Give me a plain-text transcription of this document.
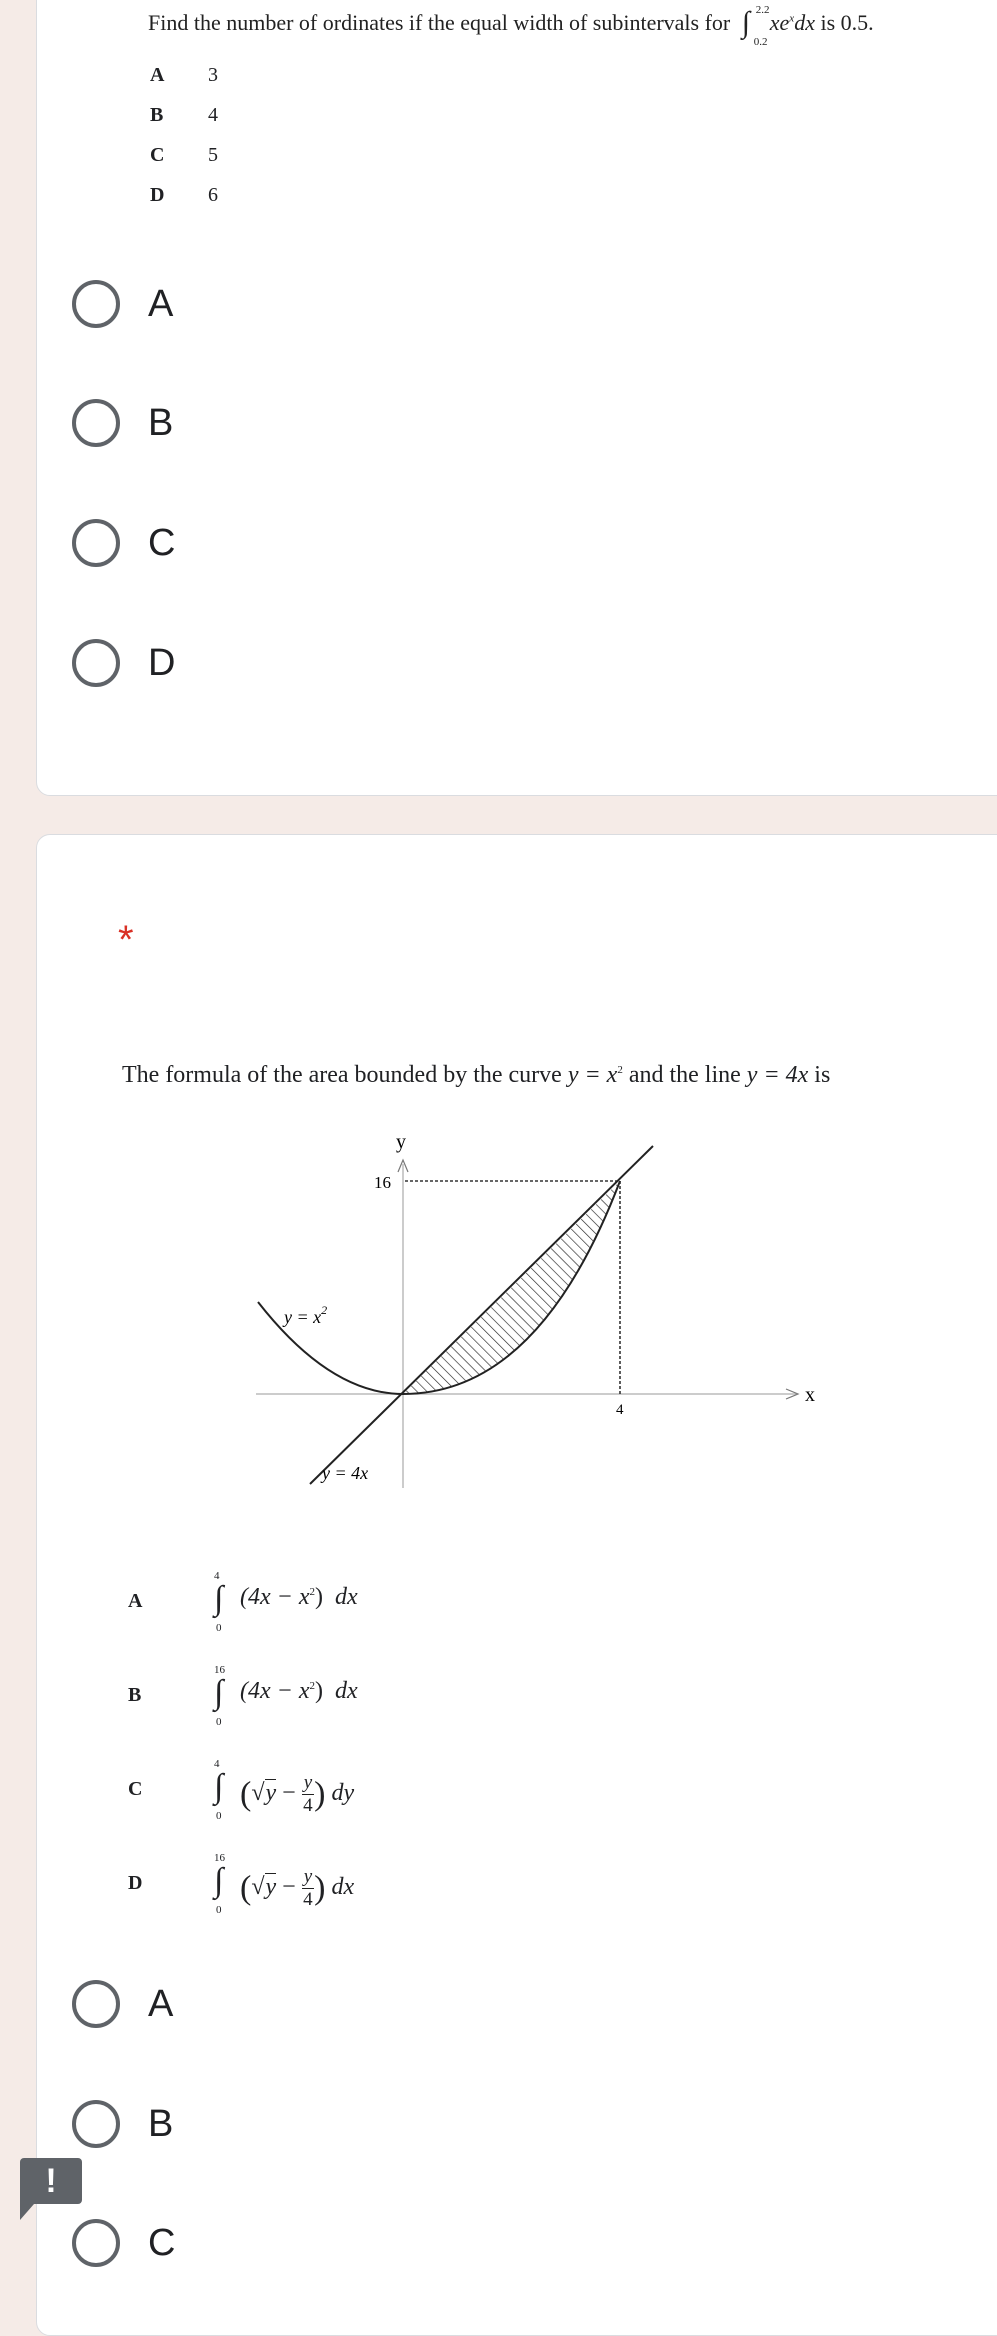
Find the number of ordinates if the equal width of subintervals for ∫ 2.2
0.2
$xe^xdx$ is 0.5.
A 3
B 4
C 5
D 6
A
B
C
D
*
The formula of the area bounded by the curve $y = x^2$ and the line y = 4x is
y
x
16
4
$y = x^2$
y = 4x
A
4
∫
0
$(4x - x^2)$ dx
B
16
∫
0
$(4x - x^2)$ dx
C
4
∫
0
($√y - \frac{y}{4}$ ) dy
D
16
∫
0
($√y - \frac{y}{4}$ ) dx
A
B
C
!
